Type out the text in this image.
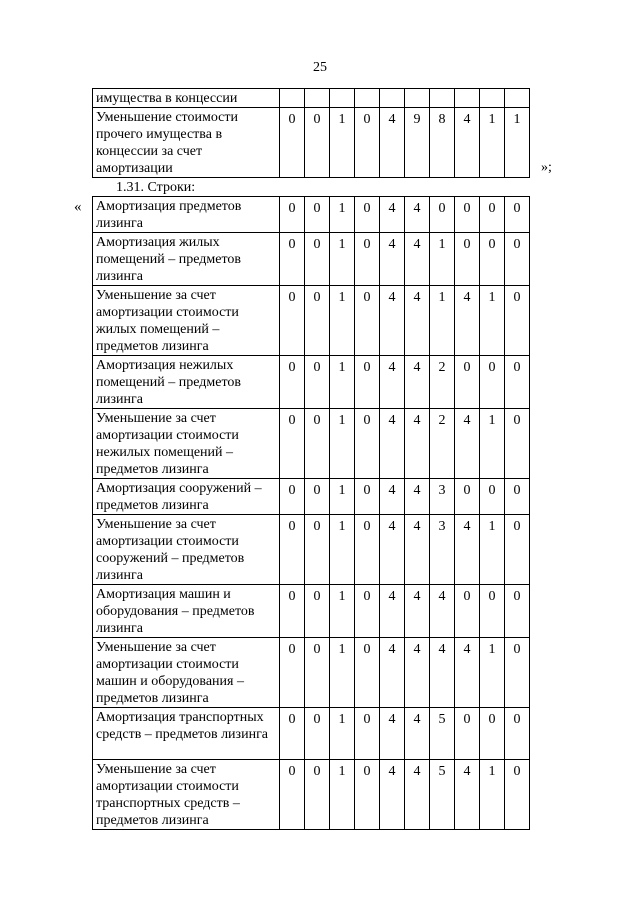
25
имущества в концессии										
Уменьшение стоимости прочего имущества в концессии за счет амортизации	0	0	1	0	4	9	8	4	1	1
»;
1.31. Строки:
« Амортизация предметов лизинга	0	0	1	0	4	4	0	0	0	0
Амортизация жилых помещений – предметов лизинга	0	0	1	0	4	4	1	0	0	0
Уменьшение за счет амортизации стоимости жилых помещений – предметов лизинга	0	0	1	0	4	4	1	4	1	0
Амортизация нежилых помещений – предметов лизинга	0	0	1	0	4	4	2	0	0	0
Уменьшение за счет амортизации стоимости нежилых помещений – предметов лизинга	0	0	1	0	4	4	2	4	1	0
Амортизация сооружений – предметов лизинга	0	0	1	0	4	4	3	0	0	0
Уменьшение за счет амортизации стоимости сооружений – предметов лизинга	0	0	1	0	4	4	3	4	1	0
Амортизация машин и оборудования – предметов лизинга	0	0	1	0	4	4	4	0	0	0
Уменьшение за счет амортизации стоимости машин и оборудования – предметов лизинга	0	0	1	0	4	4	4	4	1	0
Амортизация транспортных средств – предметов лизинга	0	0	1	0	4	4	5	0	0	0
Уменьшение за счет амортизации стоимости транспортных средств – предметов лизинга	0	0	1	0	4	4	5	4	1	0
